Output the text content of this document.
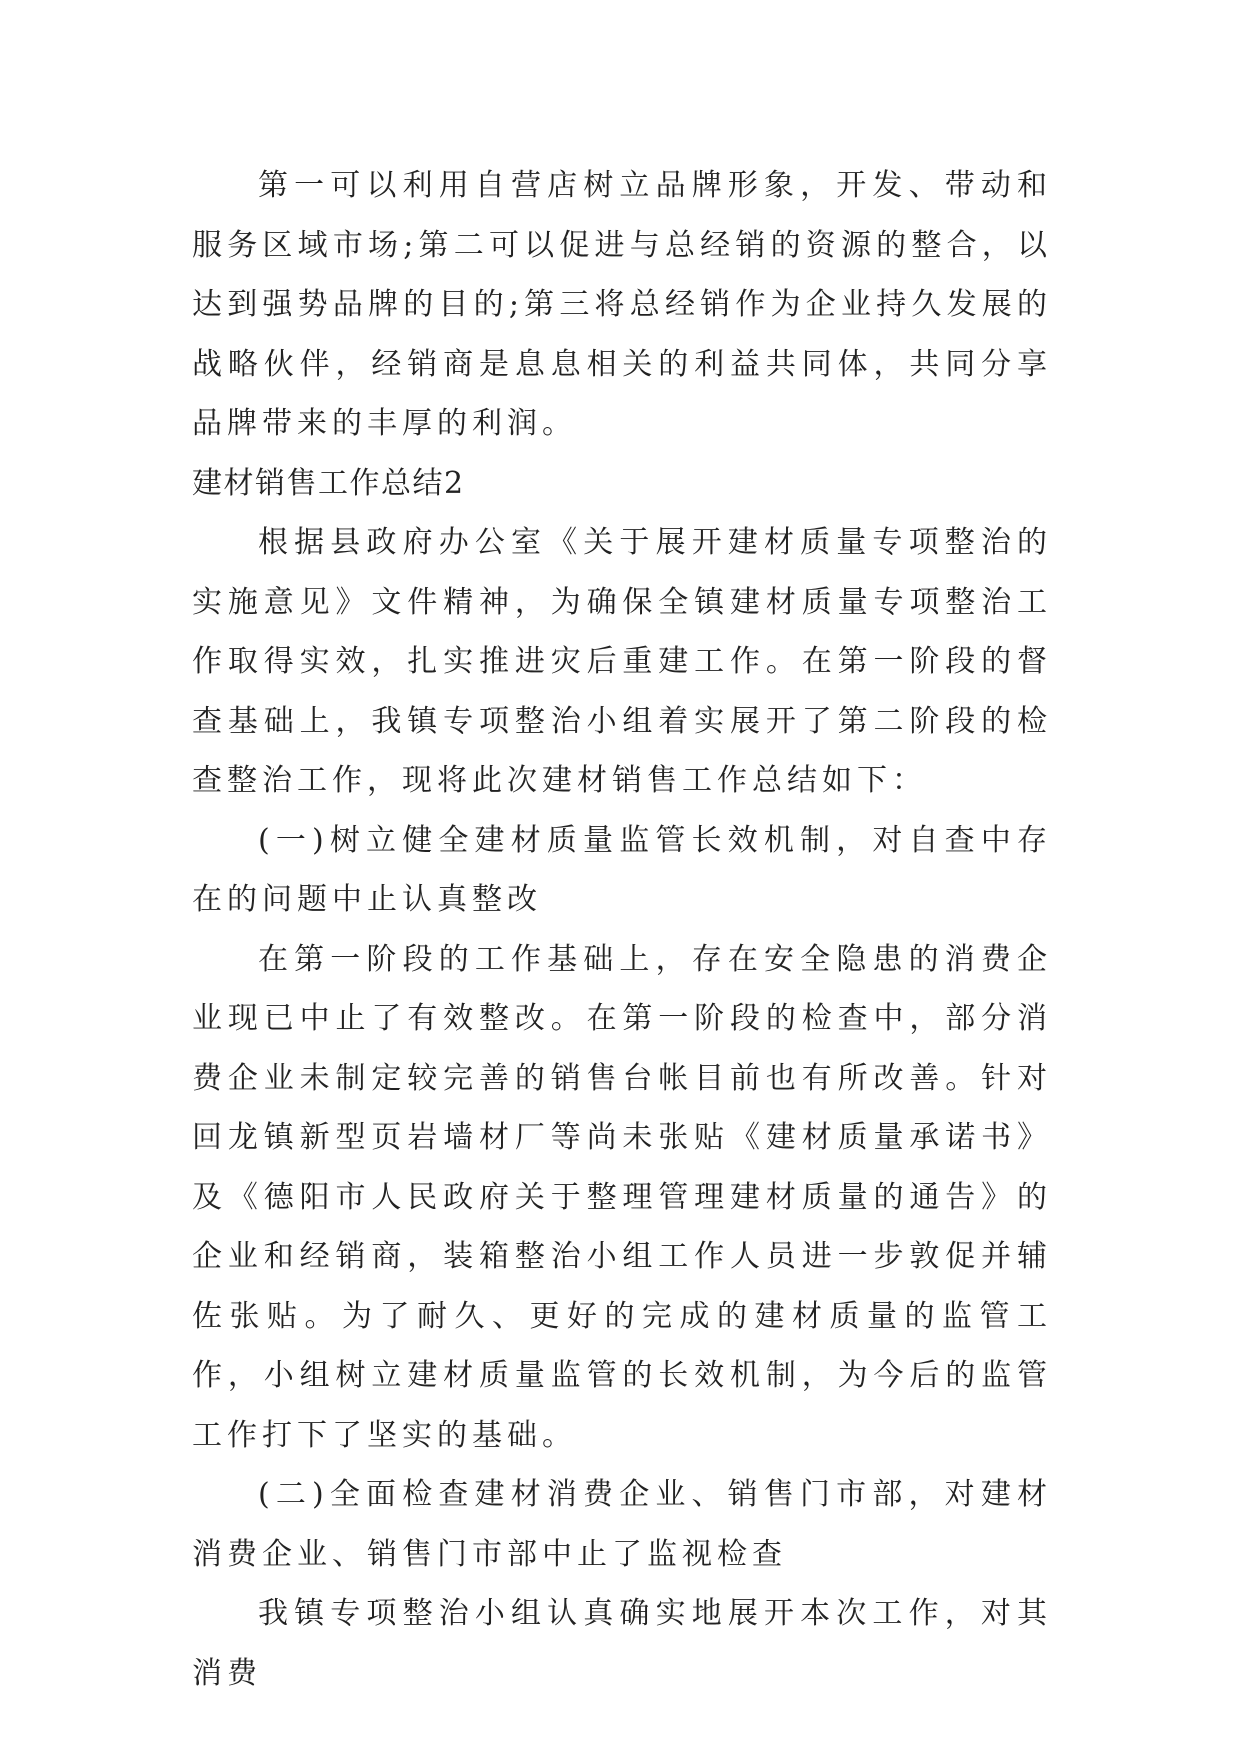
第一可以利用自营店树立品牌形象，开发、带动和服务区域市场;第二可以促进与总经销的资源的整合，以达到强势品牌的目的;第三将总经销作为企业持久发展的战略伙伴，经销商是息息相关的利益共同体，共同分享品牌带来的丰厚的利润。

建材销售工作总结2

根据县政府办公室《关于展开建材质量专项整治的实施意见》文件精神，为确保全镇建材质量专项整治工作取得实效，扎实推进灾后重建工作。在第一阶段的督查基础上，我镇专项整治小组着实展开了第二阶段的检查整治工作，现将此次建材销售工作总结如下：

(一)树立健全建材质量监管长效机制，对自查中存在的问题中止认真整改

在第一阶段的工作基础上，存在安全隐患的消费企业现已中止了有效整改。在第一阶段的检查中，部分消费企业未制定较完善的销售台帐目前也有所改善。针对回龙镇新型页岩墙材厂等尚未张贴《建材质量承诺书》及《德阳市人民政府关于整理管理建材质量的通告》的企业和经销商，装箱整治小组工作人员进一步敦促并辅佐张贴。为了耐久、更好的完成的建材质量的监管工作，小组树立建材质量监管的长效机制，为今后的监管工作打下了坚实的基础。

(二)全面检查建材消费企业、销售门市部，对建材消费企业、销售门市部中止了监视检查

我镇专项整治小组认真确实地展开本次工作，对其消费
